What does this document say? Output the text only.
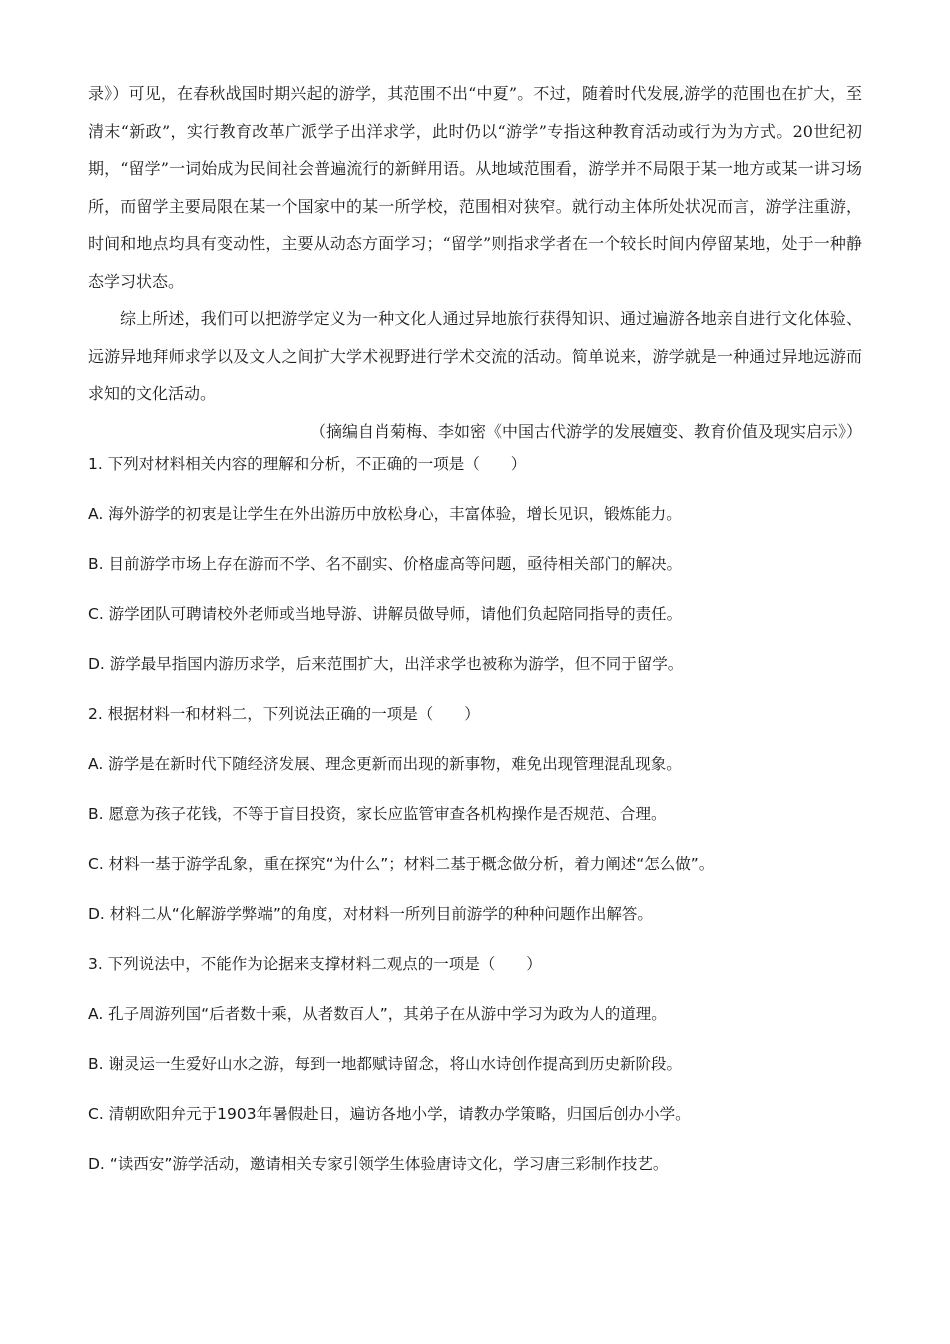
录》）可见，在春秋战国时期兴起的游学，其范围不出“中夏”。不过，随着时代发展,游学的范围也在扩大，至清末“新政”，实行教育改革广派学子出洋求学，此时仍以“游学”专指这种教育活动或行为为方式。20世纪初期，“留学”一词始成为民间社会普遍流行的新鲜用语。从地域范围看，游学并不局限于某一地方或某一讲习场所，而留学主要局限在某一个国家中的某一所学校，范围相对狭窄。就行动主体所处状况而言，游学注重游，时间和地点均具有变动性，主要从动态方面学习；“留学”则指求学者在一个较长时间内停留某地，处于一种静态学习状态。

综上所述，我们可以把游学定义为一种文化人通过异地旅行获得知识、通过遍游各地亲自进行文化体验、远游异地拜师求学以及文人之间扩大学术视野进行学术交流的活动。简单说来，游学就是一种通过异地远游而求知的文化活动。

（摘编自肖菊梅、李如密《中国古代游学的发展嬗变、教育价值及现实启示》）

1. 下列对材料相关内容的理解和分析，不正确的一项是（　　）
A. 海外游学的初衷是让学生在外出游历中放松身心，丰富体验，增长见识，锻炼能力。
B. 目前游学市场上存在游而不学、名不副实、价格虚高等问题，亟待相关部门的解决。
C. 游学团队可聘请校外老师或当地导游、讲解员做导师，请他们负起陪同指导的责任。
D. 游学最早指国内游历求学，后来范围扩大，出洋求学也被称为游学，但不同于留学。
2. 根据材料一和材料二，下列说法正确的一项是（　　）
A. 游学是在新时代下随经济发展、理念更新而出现的新事物，难免出现管理混乱现象。
B. 愿意为孩子花钱，不等于盲目投资，家长应监管审查各机构操作是否规范、合理。
C. 材料一基于游学乱象，重在探究“为什么”；材料二基于概念做分析，着力阐述“怎么做”。
D. 材料二从“化解游学弊端”的角度，对材料一所列目前游学的种种问题作出解答。
3. 下列说法中，不能作为论据来支撑材料二观点的一项是（　　）
A. 孔子周游列国“后者数十乘，从者数百人”，其弟子在从游中学习为政为人的道理。
B. 谢灵运一生爱好山水之游，每到一地都赋诗留念，将山水诗创作提高到历史新阶段。
C. 清朝欧阳弁元于1903年暑假赴日，遍访各地小学，请教办学策略，归国后创办小学。
D. “读西安”游学活动，邀请相关专家引领学生体验唐诗文化，学习唐三彩制作技艺。
